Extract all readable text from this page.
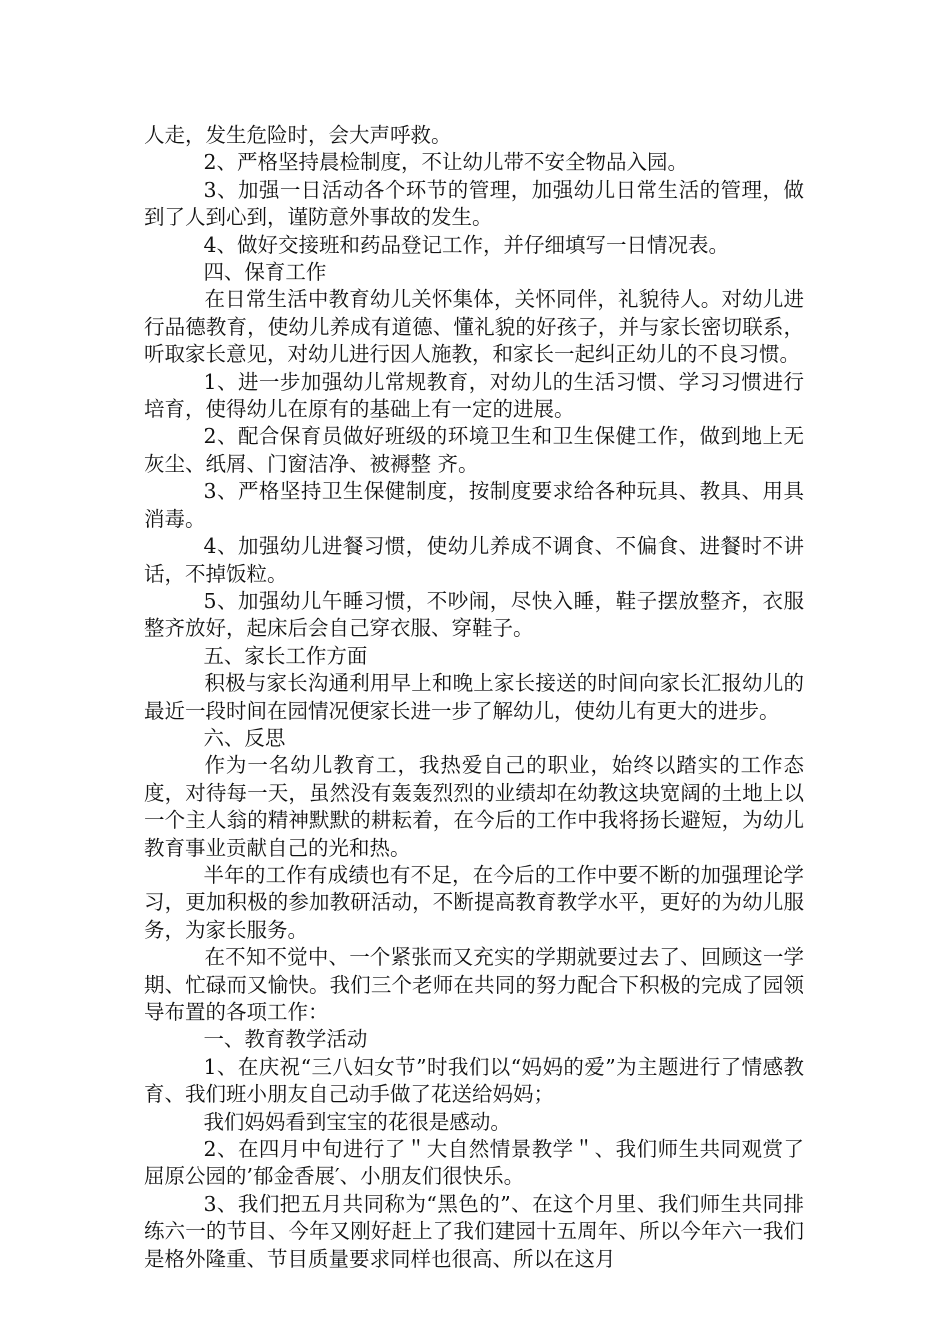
人走，发生危险时，会大声呼救。

2、严格坚持晨检制度，不让幼儿带不安全物品入园。

3、加强一日活动各个环节的管理，加强幼儿日常生活的管理，做到了人到心到，谨防意外事故的发生。

4、做好交接班和药品登记工作，并仔细填写一日情况表。

四、保育工作

在日常生活中教育幼儿关怀集体，关怀同伴，礼貌待人。对幼儿进行品德教育，使幼儿养成有道德、懂礼貌的好孩子，并与家长密切联系，听取家长意见，对幼儿进行因人施教，和家长一起纠正幼儿的不良习惯。

1、进一步加强幼儿常规教育，对幼儿的生活习惯、学习习惯进行培育，使得幼儿在原有的基础上有一定的进展。

2、配合保育员做好班级的环境卫生和卫生保健工作，做到地上无灰尘、纸屑、门窗洁净、被褥整 齐。

3、严格坚持卫生保健制度，按制度要求给各种玩具、教具、用具消毒。

4、加强幼儿进餐习惯，使幼儿养成不调食、不偏食、进餐时不讲话，不掉饭粒。

5、加强幼儿午睡习惯，不吵闹，尽快入睡，鞋子摆放整齐，衣服整齐放好，起床后会自己穿衣服、穿鞋子。

五、家长工作方面

积极与家长沟通利用早上和晚上家长接送的时间向家长汇报幼儿的最近一段时间在园情况便家长进一步了解幼儿，使幼儿有更大的进步。

六、反思

作为一名幼儿教育工，我热爱自己的职业，始终以踏实的工作态度，对待每一天，虽然没有轰轰烈烈的业绩却在幼教这块宽阔的土地上以一个主人翁的精神默默的耕耘着，在今后的工作中我将扬长避短，为幼儿教育事业贡献自己的光和热。

半年的工作有成绩也有不足，在今后的工作中要不断的加强理论学习，更加积极的参加教研活动，不断提高教育教学水平，更好的为幼儿服务，为家长服务。

在不知不觉中、一个紧张而又充实的学期就要过去了、回顾这一学期、忙碌而又愉快。我们三个老师在共同的努力配合下积极的完成了园领导布置的各项工作：

一、教育教学活动

1、在庆祝“三八妇女节”时我们以“妈妈的爱”为主题进行了情感教育、我们班小朋友自己动手做了花送给妈妈；

我们妈妈看到宝宝的花很是感动。

2、在四月中旬进行了＂大自然情景教学＂、我们师生共同观赏了屈原公园的’郁金香展′、小朋友们很快乐。

3、我们把五月共同称为“黑色的”、在这个月里、我们师生共同排练六一的节目、今年又刚好赶上了我们建园十五周年、所以今年六一我们是格外隆重、节目质量要求同样也很高、所以在这月
